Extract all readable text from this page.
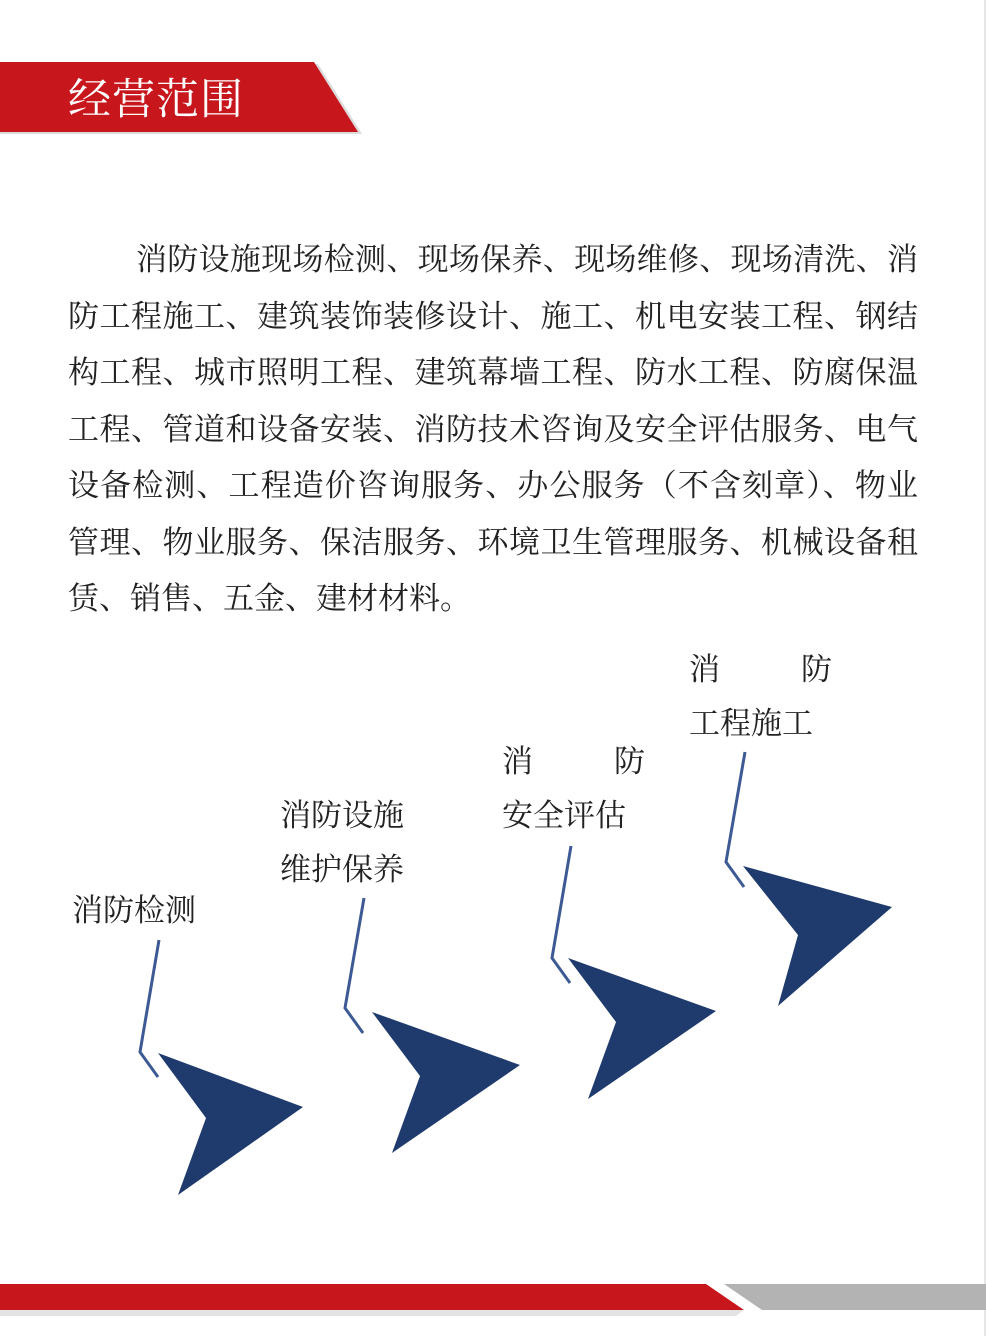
经营范围

消防设施现场检测、现场保养、现场维修、现场清洗、消防工程施工、建筑装饰装修设计、施工、机电安装工程、钢结构工程、城市照明工程、建筑幕墙工程、防水工程、防腐保温工程、管道和设备安装、消防技术咨询及安全评估服务、电气设备检测、工程造价咨询服务、办公服务（不含刻章）、物业管理、物业服务、保洁服务、环境卫生管理服务、机械设备租赁、销售、五金、建材材料。

消防检测
消防设施
维护保养
消	防
安全评估
消	防
工程施工
